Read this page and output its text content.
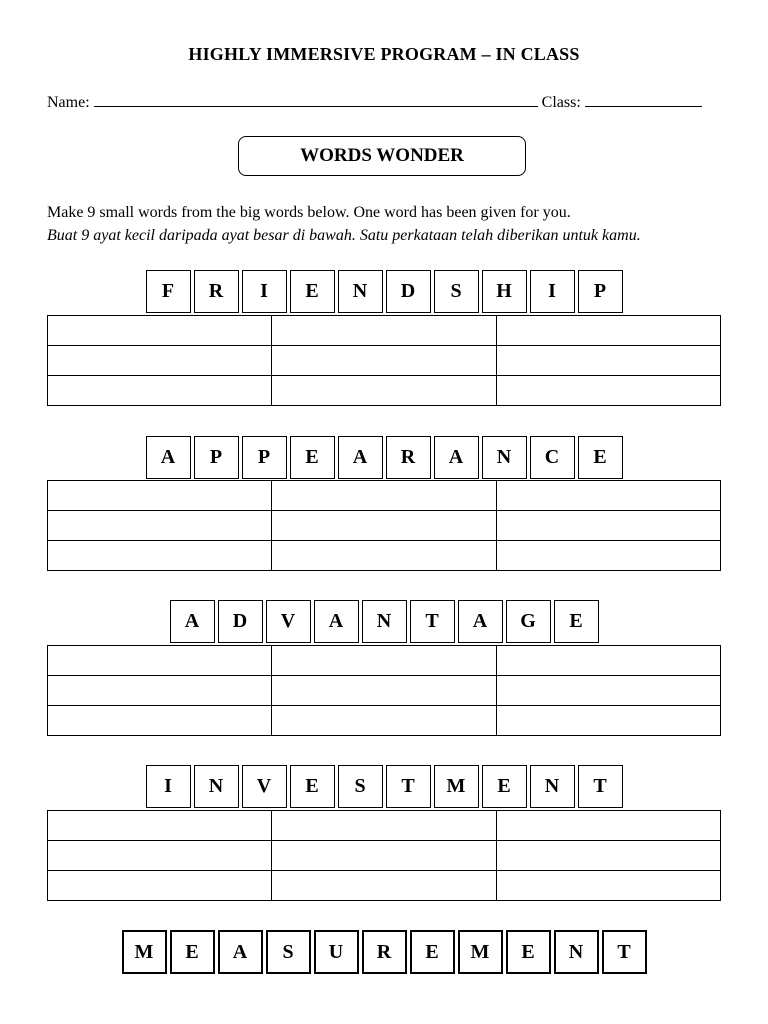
HIGHLY IMMERSIVE PROGRAM – IN CLASS
Name:	Class:
WORDS WONDER
Make 9 small words from the big words below. One word has been given for you.
Buat 9 ayat kecil daripada ayat besar di bawah. Satu perkataan telah diberikan untuk kamu.
F	R	I	E	N	D	S	H	I	P

A	P	P	E	A	R	A	N	C	E

A	D	V	A	N	T	A	G	E

I	N	V	E	S	T	M	E	N	T

M	E	A	S	U	R	E	M	E	N	T
